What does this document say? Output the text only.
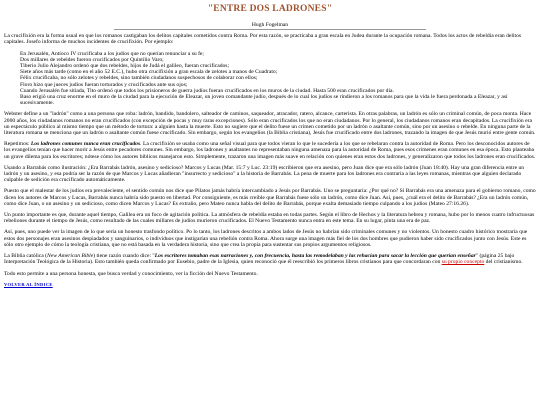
"ENTRE DOS LADRONES"
Hugh Fogelman

La crucifixión era la forma usual en que los romanos castigaban los delitos capitales cometidos contra Roma. Por esta razón, se practicaba a gran escala en Judea durante la ocupación romana. Todos los actos de rebeldía eran delitos capitales. Josefo informa de muchos incidentes de crucifixión. Por ejemplo:

En Jerusalén, Antíoco IV crucificaba a los judíos que no querían renunciar a su fe;
Dos millares de rebeldes fueron crucificados por Quintilio Varo;
Tiberio Julio Alejandro ordenó que dos rebeldes, hijos de Judá el galileo, fueran crucificados;
Siete años más tarde (como en el año 52 E.C.), hubo otra crucifixión a gran escala de zelotes a manos de Cuadrato;
Félix crucificaba, no sólo zelotes y rebeldes, sino también ciudadanos sospechosos de colaborar con ellos;
Floro hizo que jueces judíos fueran torturados y crucificados ante sus ojos;
Cuando Jerusalén fue sitiada, Tito ordenó que todos los prisioneros de guerra judíos fueran crucificados en los muros de la ciudad. Hasta 500 eran crucificados por día.
Baso erigió una cruz enorme en el muro de la ciudad para la ejecución de Eleazar, un joven comandante judío, después de lo cual los judíos se rindieron a los romanos para que la vida le fuera perdonada a Eleazar, y así sucesivamente.

Webster define a un "ladrón" como a una persona que roba: ladrón, bandido, bandolero, salteador de caminos, saqueador, atracador, ratero, alcance, carterista. En otras palabras, un ladrón es sólo un criminal común, de poca monta. Hace 2000 años, los ciudadanos romanos no eran crucificados (con excepción de pocas y muy raras excepciones). Sólo eran crucificados los que no eran ciudadanos. Por lo general, los ciudadanos romanos eran decapitados. La crucifixión era un espectáculo público al mismo tiempo que un método de tortura: a alguien hasta la muerte. Esto no sugiere que el delito fuese un crimen cometido por un ladrón o asaltante común, sino por un asesino o rebelde. En ninguna parte de la literatura romana se menciona que un ladrón o asaltante común fuese crucificado. Sin embargo, según los evangelios (la Biblia cristiana), Jesús fue crucificado entre dos ladrones, trazando la imagen de que Jesús murió entre gente común.

Repetimos: Los ladrones comunes nunca eran crucificados. La crucifixión se usaba como una señal visual para que todos vieran lo que le sucedería a los que se rebelaran contra la autoridad de Roma. Pero los desconocidos autores de los evangelios tenían que hacer morir a Jesús entre pecadores comunes. Sin embargo, los ladrones y asaltantes no representaban ninguna amenaza para la autoridad de Roma, pues esos crímenes eran comunes en esa época. Esto planteaba un grave dilema para los escritores; nótese cómo los autores bíblicos manejaron esto. Simplemente, trazaron una imagen más suave en relación con quienes eran estos dos ladrones, y generalizaron que todos los ladrones eran crucificados.

Usando a Barrabás como ilustración: ¿Era Barrabás ladrón, asesino y sedicioso? Marcos y Lucas (Mar. 15:7 y Luc. 23:19) escribieron que era asesino, pero Juan dice que era sólo ladrón (Juan 18:40). Hay una gran diferencia entre un ladrón y un asesino, y esa podría ser la razón de que Marcos y Lucas añadieran "insurrecto y sedicioso" a la historia de Barrabás. La pena de muerte para los ladrones era contraria a las leyes romanas, mientras que alguien declarado culpable de sedición era crucificado automáticamente.

Puesto que el malestar de los judíos era prevaleciente, el sentido común nos dice que Pilatos jamás habría intercambiado a Jesús por Barrabás. Uno se preguntaría: ¿Por qué no? Si Barrabás era una amenaza para el gobierno romano, como dicen los autores de Marcos y Lucas, Barrabás nunca habría sido puesto en libertad. Por consiguiente, es más creíble que Barrabás fuese sólo un ladrón, como dice Juan. Así, pues, ¿cuál era el delito de Barrabás? ¿Era un ladrón común, como dice Juan, o un asesino y un sedicioso, como dicen Marcos y Lucas? Es extraño, pero Mateo nunca habla del delito de Barrabás, porque exalta demasiado tiempo culpando a los judíos (Mateo 27:16.26).

Un punto importante es que, durante aquel tiempo, Galilea era un foco de agitación política. La atmósfera de rebeldía estaba en todas partes. Según el libro de Hechos y la literatura hebrea y romana, hubo por lo menos cuatro infructuosas rebeliones durante el tiempo de Jesús, como resultado de las cuales millares de judíos murieron crucificados. El Nuevo Testamento nunca entra en este tema. En su lugar, pinta una era de paz.

Así, pues, uno puede ver la imagen de lo que sería un honesto trasfondo político. Po lo tanto, los ladrones descritos a ambos lados de Jesús no habrían sido criminales comunes y no violentos. Un honesto cuadro histórico mostraría que estos dos personajes eran asesinos despiadados y sanguinarios, o individuos que instigarían una rebelión contra Roma. Ahora surge una imagen más fiel de los dos hombres que pudieron haber sido crucificados junto con Jesús. Este es sólo otro ejemplo de cómo la teología cristiana, que no está basada en la verdadera historia, sino que crea la propia para sustentar sus propios argumentos religiosos.

La Biblia católica (New American Bible) tiene razón cuando dice: "Los escritores tomaban esas narraciones y, con frecuencia, hasta las remodelaban y las rehacían para sacar la lección que querían enseñar" (página 25 bajo Interpretación Teológica de la Historia). Esto también queda confirmado por Eusebio, padre de la Iglesia, quien reconoció que él reescribió los primeros libros cristianos para que concordaran con su propio concepto del cristianismo.

Todo esto permite a una persona honesta, que busca verdad y conocimiento, ver la ficción del Nuevo Testamento.

VOLVER AL ÍNDICE
